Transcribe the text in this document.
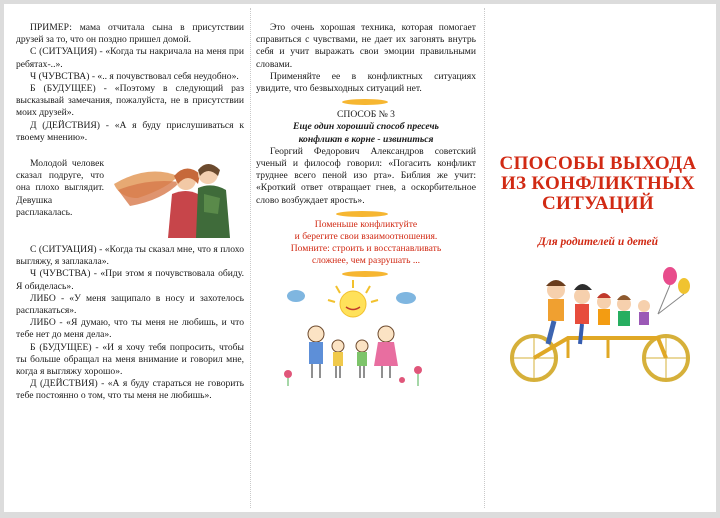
ПРИМЕР: мама отчитала сына в присутствии друзей за то, что он поздно пришел домой.

С (СИТУАЦИЯ) - «Когда ты накричала на меня при ребятах-..».

Ч (ЧУВСТВА) - «.. я почувствовал себя неудобно».

Б (БУДУЩЕЕ) - «Поэтому в следующий раз высказывай замечания, пожалуйста, не в присутствии моих друзей».

Д (ДЕЙСТВИЯ) - «А я буду прислушиваться к твоему мнению».

Молодой человек сказал подруге, что она плохо выглядит. Девушка расплакалась.

С (СИТУАЦИЯ) - «Когда ты сказал мне, что я плохо выгляжу, я заплакала».

Ч (ЧУВСТВА) - «При этом я почувствовала обиду. Я обиделась».

ЛИБО - «У меня защипало в носу и захотелось расплакаться».

ЛИБО - «Я думаю, что ты меня не любишь, и что тебе нет до меня дела».

Б (БУДУЩЕЕ) - «И я хочу тебя попросить, чтобы ты больше обращал на меня внимание и говорил мне, когда я выгляжу хорошо».

Д (ДЕЙСТВИЯ) - «А я буду стараться не говорить тебе постоянно о том, что ты меня не любишь».

Это очень хорошая техника, которая помогает справиться с чувствами, не дает их загонять внутрь себя и учит выражать свои эмоции правильными словами.

Применяйте ее в конфликтных ситуациях увидите, что безвыходных ситуаций нет.

СПОСОБ № 3

Еще один хороший способ пресечь

конфликт в корне - извиниться

Георгий Федорович Александров советский ученый и философ говорил: «Погасить конфликт труднее всего пеной изо рта». Библия же учит: «Кроткий ответ отвращает гнев, а оскорбительное слово возбуждает ярость».

Поменьше конфликтуйте

и берегите свои взаимоотношения.

Помните: строить и восстанавливать

сложнее, чем разрушать ...

СПОСОБЫ ВЫХОДА ИЗ КОНФЛИКТНЫХ СИТУАЦИЙ
Для родителей и детей
